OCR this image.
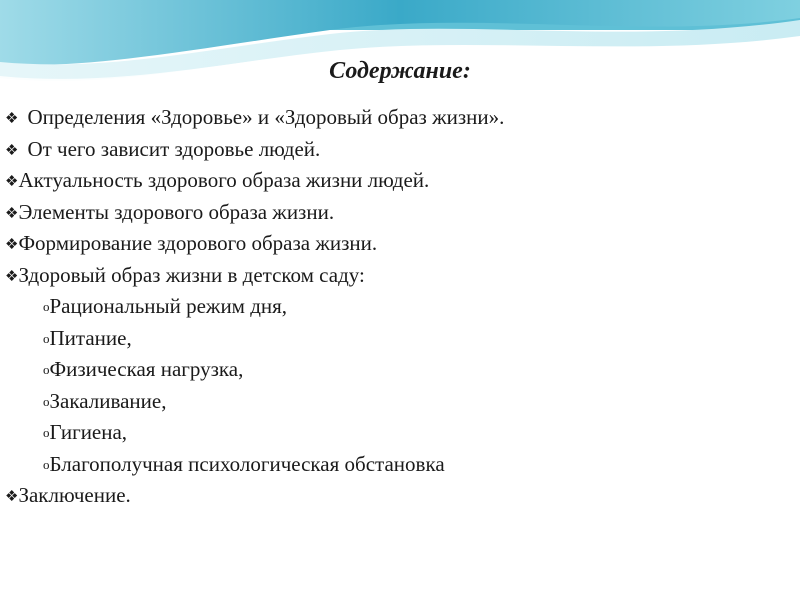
Содержание:
❖ Определения «Здоровье» и «Здоровый образ жизни».
❖ От чего зависит здоровье людей.
❖Актуальность здорового образа жизни людей.
❖Элементы здорового образа жизни.
❖Формирование здорового образа жизни.
❖Здоровый образ жизни в детском саду:
oРациональный режим дня,
oПитание,
oФизическая нагрузка,
oЗакаливание,
oГигиена,
oБлагополучная психологическая обстановка
❖Заключение.
